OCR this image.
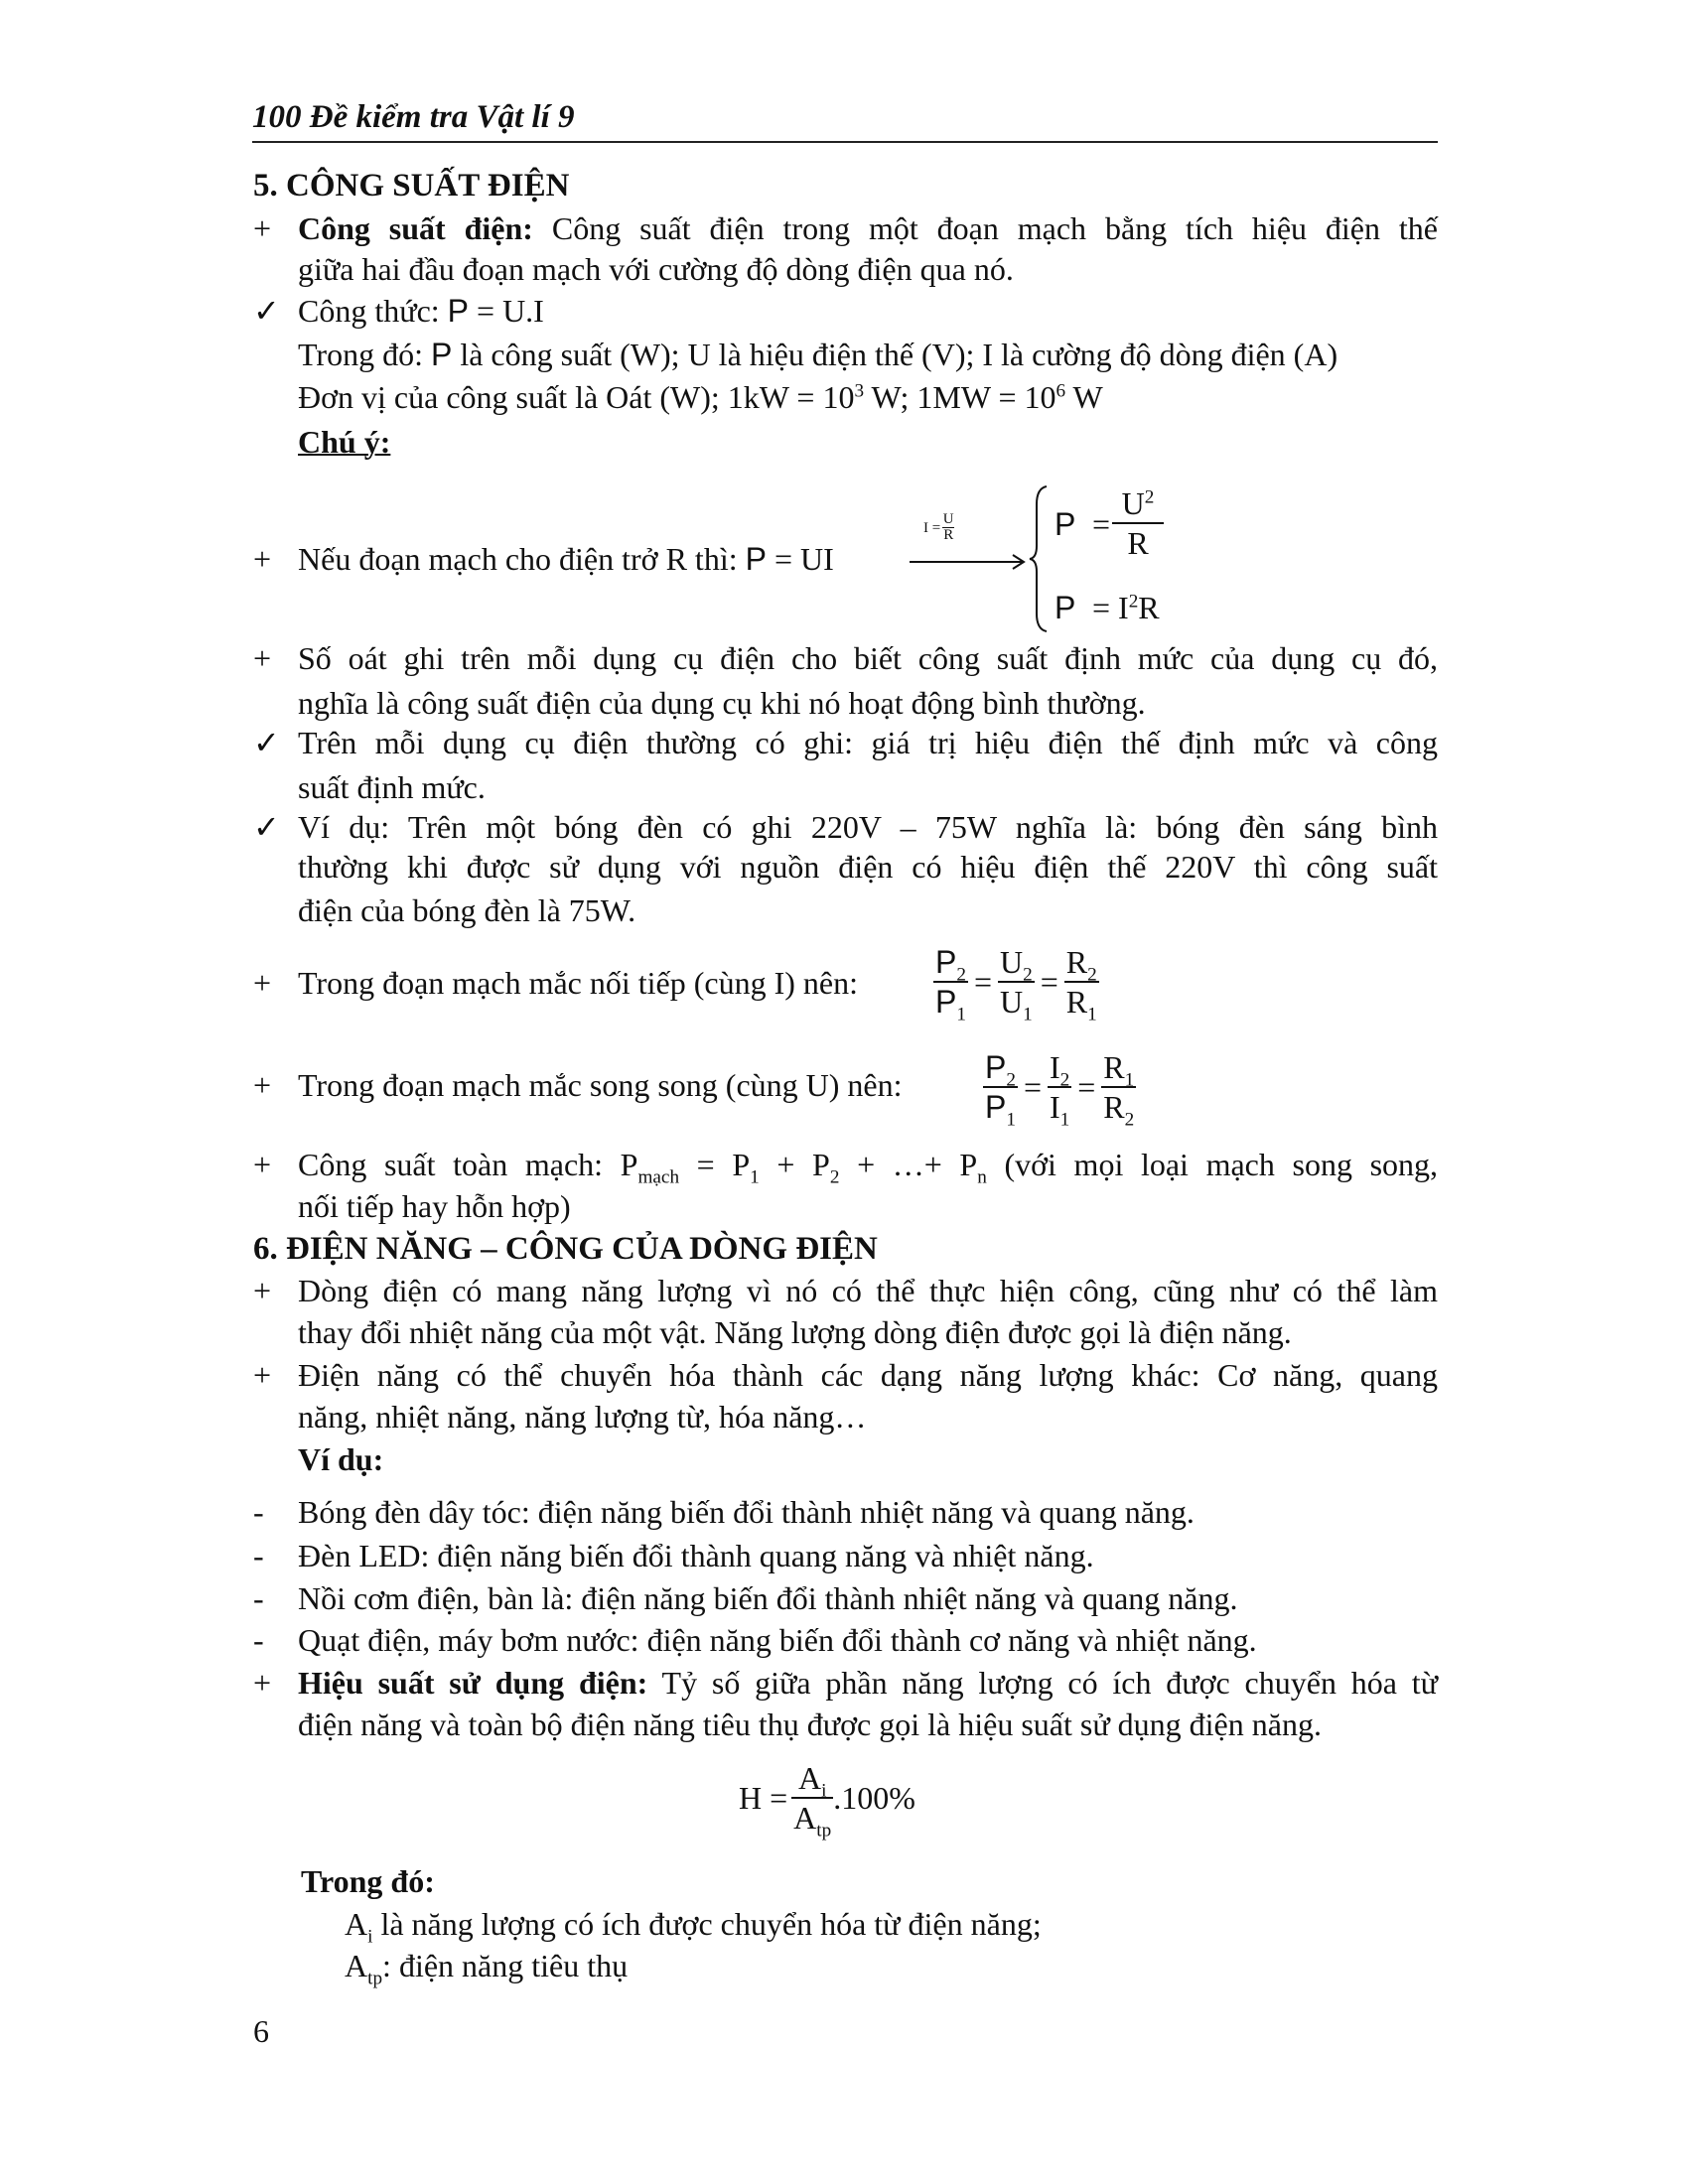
100 Đề kiểm tra Vật lí 9
5. CÔNG SUẤT ĐIỆN
+ Công suất điện: Công suất điện trong một đoạn mạch bằng tích hiệu điện thế
giữa hai đầu đoạn mạch với cường độ dòng điện qua nó.
✓ Công thức: P = U.I
Trong đó: P là công suất (W); U là hiệu điện thế (V); I là cường độ dòng điện (A)
Đơn vị của công suất là Oát (W); $1kW = 10^3$ W; $1MW = 10^6$ W
Chú ý:
+ Nếu đoạn mạch cho điện trở R thì: P = UI
I =
U
R	P =
$U^2$
R
$P = I^2R$
+ Số oát ghi trên mỗi dụng cụ điện cho biết công suất định mức của dụng cụ đó,
nghĩa là công suất điện của dụng cụ khi nó hoạt động bình thường.
✓ Trên mỗi dụng cụ điện thường có ghi: giá trị hiệu điện thế định mức và công
suất định mức.
✓ Ví dụ: Trên một bóng đèn có ghi 220V – 75W nghĩa là: bóng đèn sáng bình
thường khi được sử dụng với nguồn điện có hiệu điện thế 220V thì công suất
điện của bóng đèn là 75W.
+ Trong đoạn mạch mắc nối tiếp (cùng I) nên: $\frac{P_2}{P_1} = \frac{U_2}{U_1} = \frac{R_2}{R_1}$
+ Trong đoạn mạch mắc song song (cùng U) nên:	$\frac{P_2}{P_1} = \frac{I_2}{I_1} = \frac{R_1}{R_2}$
+ Công suất toàn mạch: $P_{mạch} = P_1 + P_2$ + …+ $P_n$ (với mọi loại mạch song song,
nối tiếp hay hỗn hợp)
6. ĐIỆN NĂNG – CÔNG CỦA DÒNG ĐIỆN
+ Dòng điện có mang năng lượng vì nó có thể thực hiện công, cũng như có thể làm
thay đổi nhiệt năng của một vật. Năng lượng dòng điện được gọi là điện năng.
+ Điện năng có thể chuyển hóa thành các dạng năng lượng khác: Cơ năng, quang
năng, nhiệt năng, năng lượng từ, hóa năng…
Ví dụ:
-	Bóng đèn dây tóc: điện năng biến đổi thành nhiệt năng và quang năng.
-	Đèn LED: điện năng biến đổi thành quang năng và nhiệt năng.
-	Nồi cơm điện, bàn là: điện năng biến đổi thành nhiệt năng và quang năng.
-	Quạt điện, máy bơm nước: điện năng biến đổi thành cơ năng và nhiệt năng.
+ Hiệu suất sử dụng điện: Tỷ số giữa phần năng lượng có ích được chuyển hóa từ
điện năng và toàn bộ điện năng tiêu thụ được gọi là hiệu suất sử dụng điện năng.
$H = \frac{A_i}{A_{tp}} .100\%$
Trong đó:
$A_i$ là năng lượng có ích được chuyển hóa từ điện năng;
$A_{tp}$: điện năng tiêu thụ
6
